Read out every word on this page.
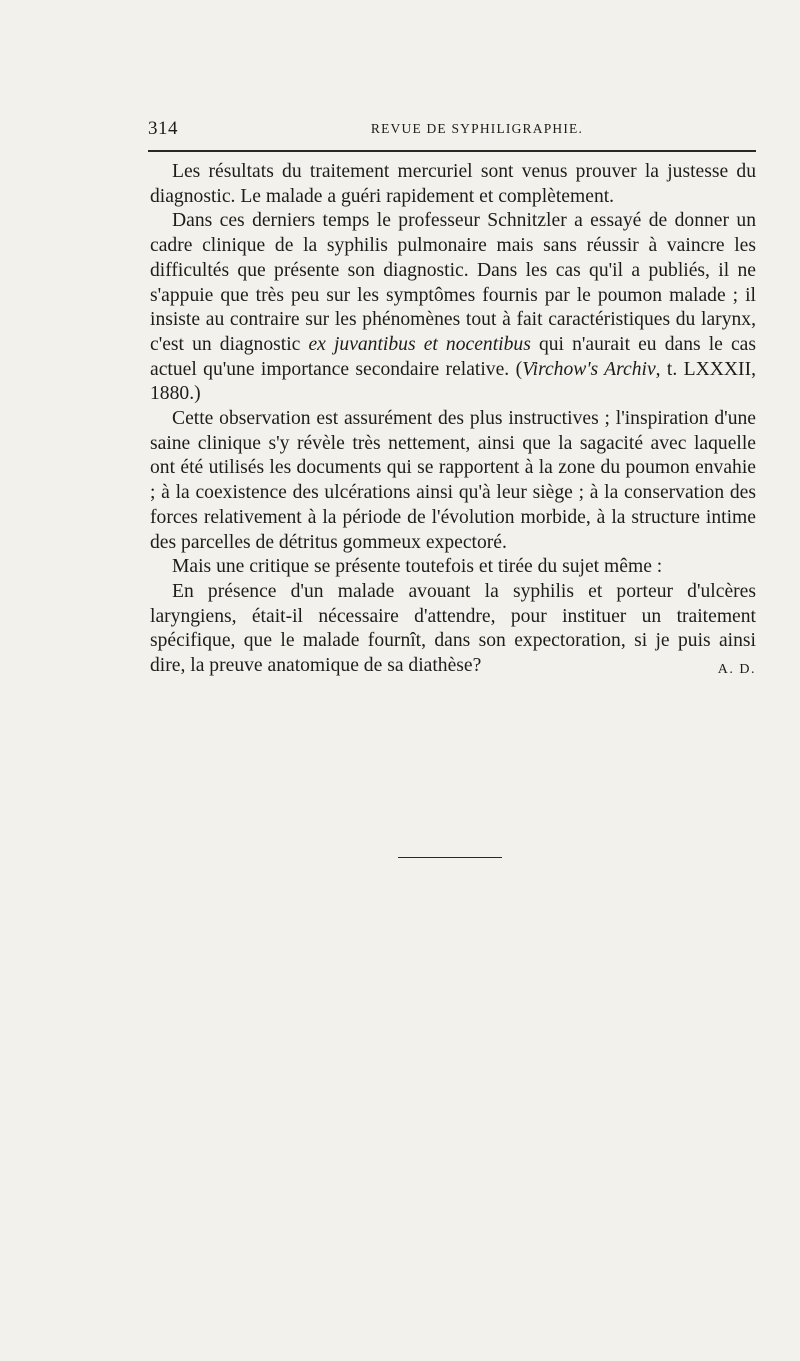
314	REVUE DE SYPHILIGRAPHIE.

Les résultats du traitement mercuriel sont venus prouver la justesse du diagnostic. Le malade a guéri rapidement et complètement.

Dans ces derniers temps le professeur Schnitzler a essayé de donner un cadre clinique de la syphilis pulmonaire mais sans réussir à vaincre les difficultés que présente son diagnostic. Dans les cas qu'il a publiés, il ne s'appuie que très peu sur les symptômes fournis par le poumon malade ; il insiste au contraire sur les phénomènes tout à fait caractéristiques du larynx, c'est un diagnostic ex juvantibus et nocentibus qui n'aurait eu dans le cas actuel qu'une importance secondaire relative. (Virchow's Archiv, t. LXXXII, 1880.)

Cette observation est assurément des plus instructives ; l'inspiration d'une saine clinique s'y révèle très nettement, ainsi que la sagacité avec laquelle ont été utilisés les documents qui se rapportent à la zone du poumon envahie ; à la coexistence des ulcérations ainsi qu'à leur siège ; à la conservation des forces relativement à la période de l'évolution morbide, à la structure intime des parcelles de détritus gommeux expectoré.

Mais une critique se présente toutefois et tirée du sujet même :

En présence d'un malade avouant la syphilis et porteur d'ulcères laryngiens, était-il nécessaire d'attendre, pour instituer un traitement spécifique, que le malade fournît, dans son expectoration, si je puis ainsi dire, la preuve anatomique de sa diathèse?	A. D.
